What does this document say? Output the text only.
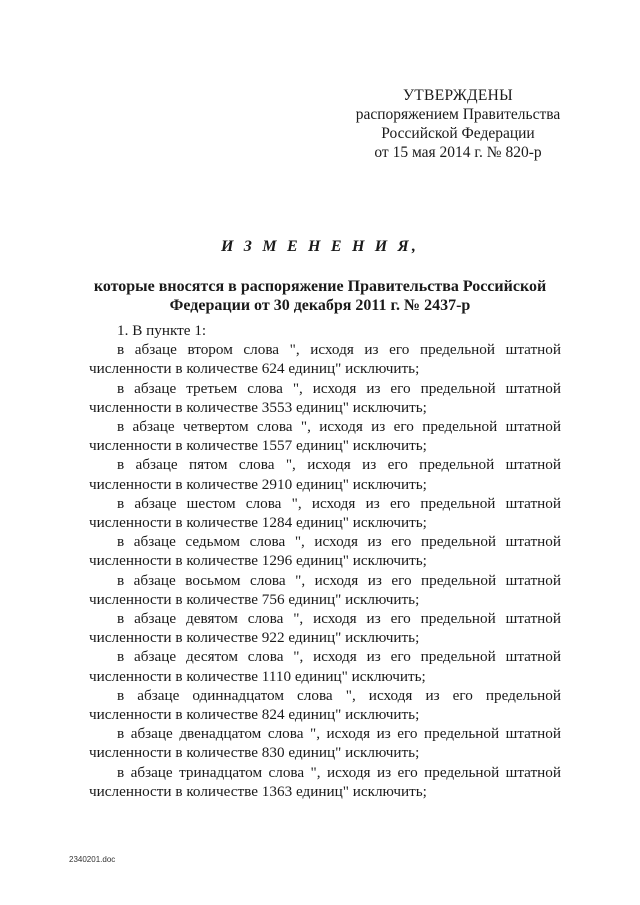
УТВЕРЖДЕНЫ
распоряжением Правительства
Российской Федерации
от 15 мая 2014 г. № 820-р
И З М Е Н Е Н И Я,
которые вносятся в распоряжение Правительства Российской
Федерации от 30 декабря 2011 г. № 2437-р

1. В пункте 1:

в абзаце втором слова ", исходя из его предельной штатной
численности в количестве 624 единиц" исключить;

в абзаце третьем слова ", исходя из его предельной штатной
численности в количестве 3553 единиц" исключить;

в абзаце четвертом слова ", исходя из его предельной штатной
численности в количестве 1557 единиц" исключить;

в абзаце пятом слова ", исходя из его предельной штатной
численности в количестве 2910 единиц" исключить;

в абзаце шестом слова ", исходя из его предельной штатной
численности в количестве 1284 единиц" исключить;

в абзаце седьмом слова ", исходя из его предельной штатной
численности в количестве 1296 единиц" исключить;

в абзаце восьмом слова ", исходя из его предельной штатной
численности в количестве 756 единиц" исключить;

в абзаце девятом слова ", исходя из его предельной штатной
численности в количестве 922 единиц" исключить;

в абзаце десятом слова ", исходя из его предельной штатной
численности в количестве 1110 единиц" исключить;

в абзаце одиннадцатом слова ", исходя из его предельной
численности в количестве 824 единиц" исключить;

в абзаце двенадцатом слова ", исходя из его предельной штатной
численности в количестве 830 единиц" исключить;

в абзаце тринадцатом слова ", исходя из его предельной штатной
численности в количестве 1363 единиц" исключить;

2340201.doc
